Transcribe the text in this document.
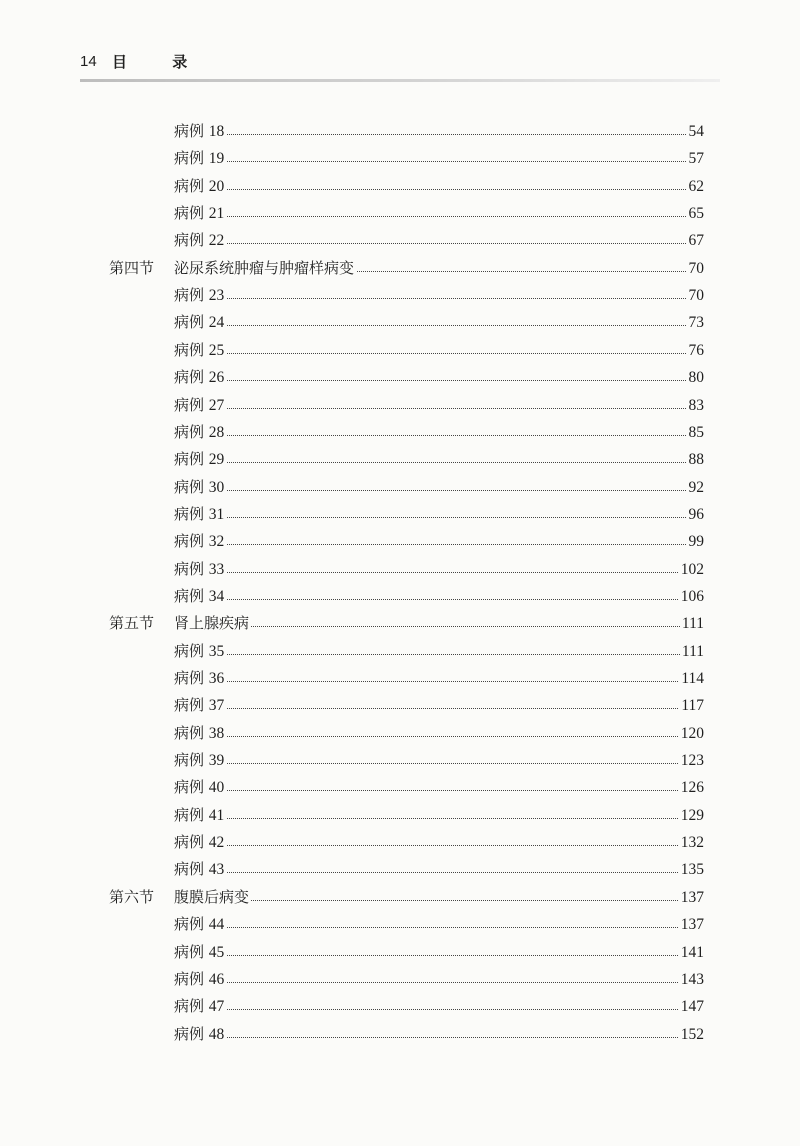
14 目 录
病例 18	54
病例 19	57
病例 20	62
病例 21	65
病例 22	67
第四节 泌尿系统肿瘤与肿瘤样病变	70
病例 23	70
病例 24	73
病例 25	76
病例 26	80
病例 27	83
病例 28	85
病例 29	88
病例 30	92
病例 31	96
病例 32	99
病例 33	102
病例 34	106
第五节 肾上腺疾病	111
病例 35	111
病例 36	114
病例 37	117
病例 38	120
病例 39	123
病例 40	126
病例 41	129
病例 42	132
病例 43	135
第六节 腹膜后病变	137
病例 44	137
病例 45	141
病例 46	143
病例 47	147
病例 48	152
